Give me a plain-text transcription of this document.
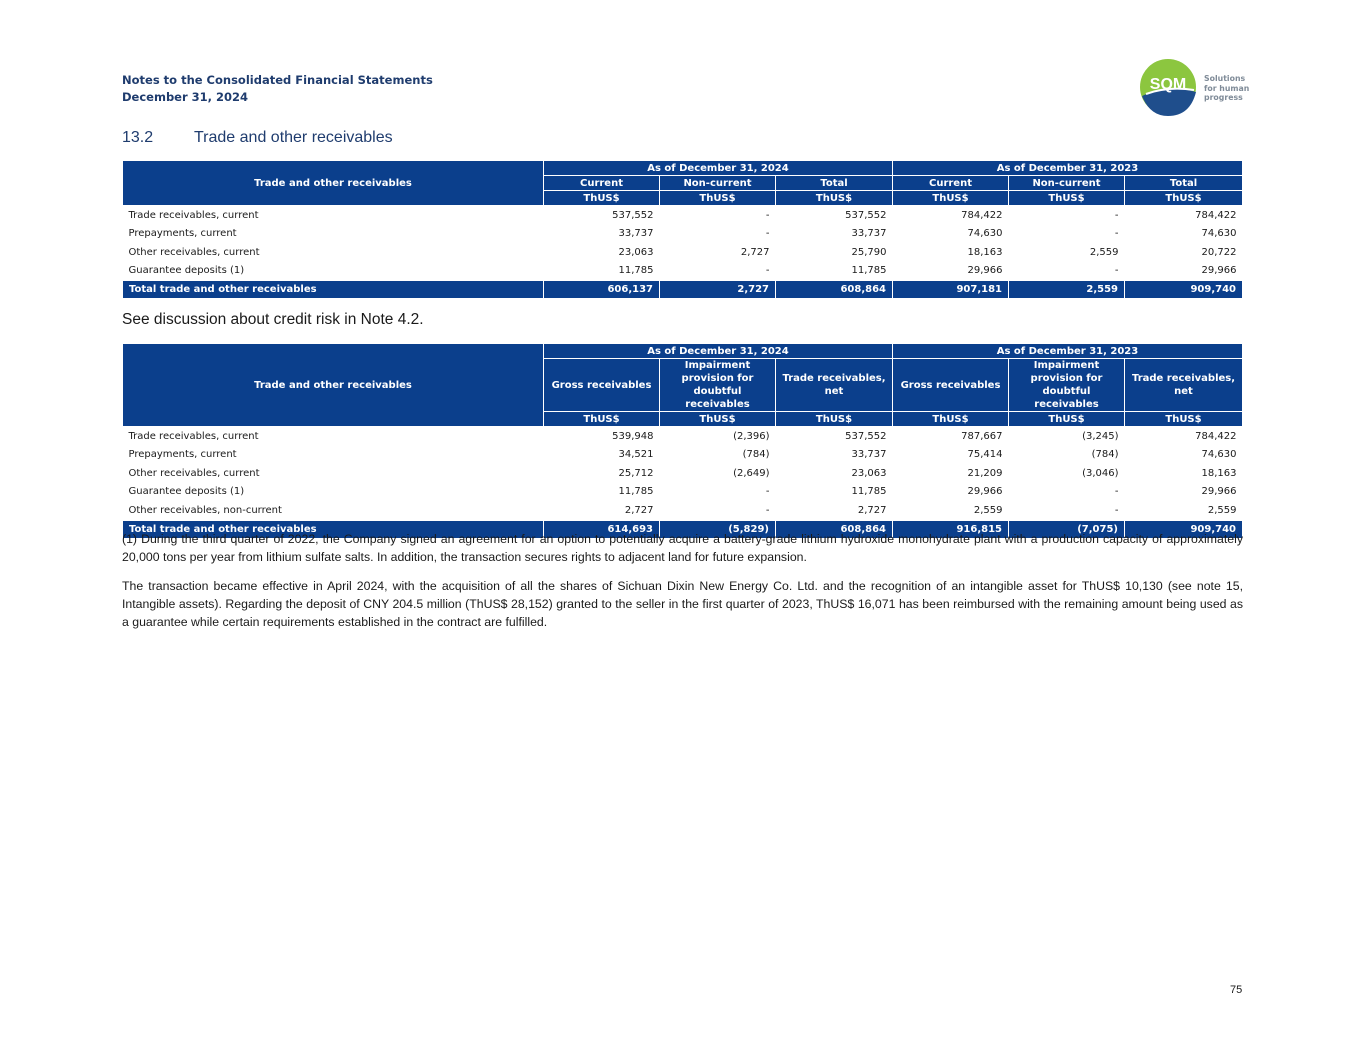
Notes to the Consolidated Financial Statements
December 31, 2024
SQM Solutions
for human
progress
13.2	Trade and other receivables
Trade and other receivables	As of December 31, 2024			As of December 31, 2023		
	Current	Non-current	Total	Current	Non-current	Total
	ThUS$	ThUS$	ThUS$	ThUS$	ThUS$	ThUS$
Trade receivables, current	537,552	-	537,552	784,422	-	784,422
Prepayments, current	33,737	-	33,737	74,630	-	74,630
Other receivables, current	23,063	2,727	25,790	18,163	2,559	20,722
Guarantee deposits (1)	11,785	-	11,785	29,966	-	29,966
Total trade and other receivables	606,137	2,727	608,864	907,181	2,559	909,740
See discussion about credit risk in Note 4.2.
Trade and other receivables	As of December 31, 2024			As of December 31, 2023		
	Gross receivables	Impairment
provision for
doubtful receivables	Trade receivables,
net	Gross receivables	Impairment
provision for
doubtful receivables	Trade receivables,
net
	ThUS$	ThUS$	ThUS$	ThUS$	ThUS$	ThUS$
Trade receivables, current	539,948	(2,396)	537,552	787,667	(3,245)	784,422
Prepayments, current	34,521	(784)	33,737	75,414	(784)	74,630
Other receivables, current	25,712	(2,649)	23,063	21,209	(3,046)	18,163
Guarantee deposits (1)	11,785	-	11,785	29,966	-	29,966
Other receivables, non-current	2,727	-	2,727	2,559	-	2,559
Total trade and other receivables	614,693	(5,829)	608,864	916,815	(7,075)	909,740
(1) During the third quarter of 2022, the Company signed an agreement for an option to potentially acquire a battery-grade lithium hydroxide monohydrate plant with a production capacity of approximately 20,000 tons per year from lithium sulfate salts. In addition, the transaction secures rights to adjacent land for future expansion.
The transaction became effective in April 2024, with the acquisition of all the shares of Sichuan Dixin New Energy Co. Ltd. and the recognition of an intangible asset for ThUS$ 10,130 (see note 15, Intangible assets). Regarding the deposit of CNY 204.5 million (ThUS$ 28,152) granted to the seller in the first quarter of 2023, ThUS$ 16,071 has been reimbursed with the remaining amount being used as a guarantee while certain requirements established in the contract are fulfilled.
75
